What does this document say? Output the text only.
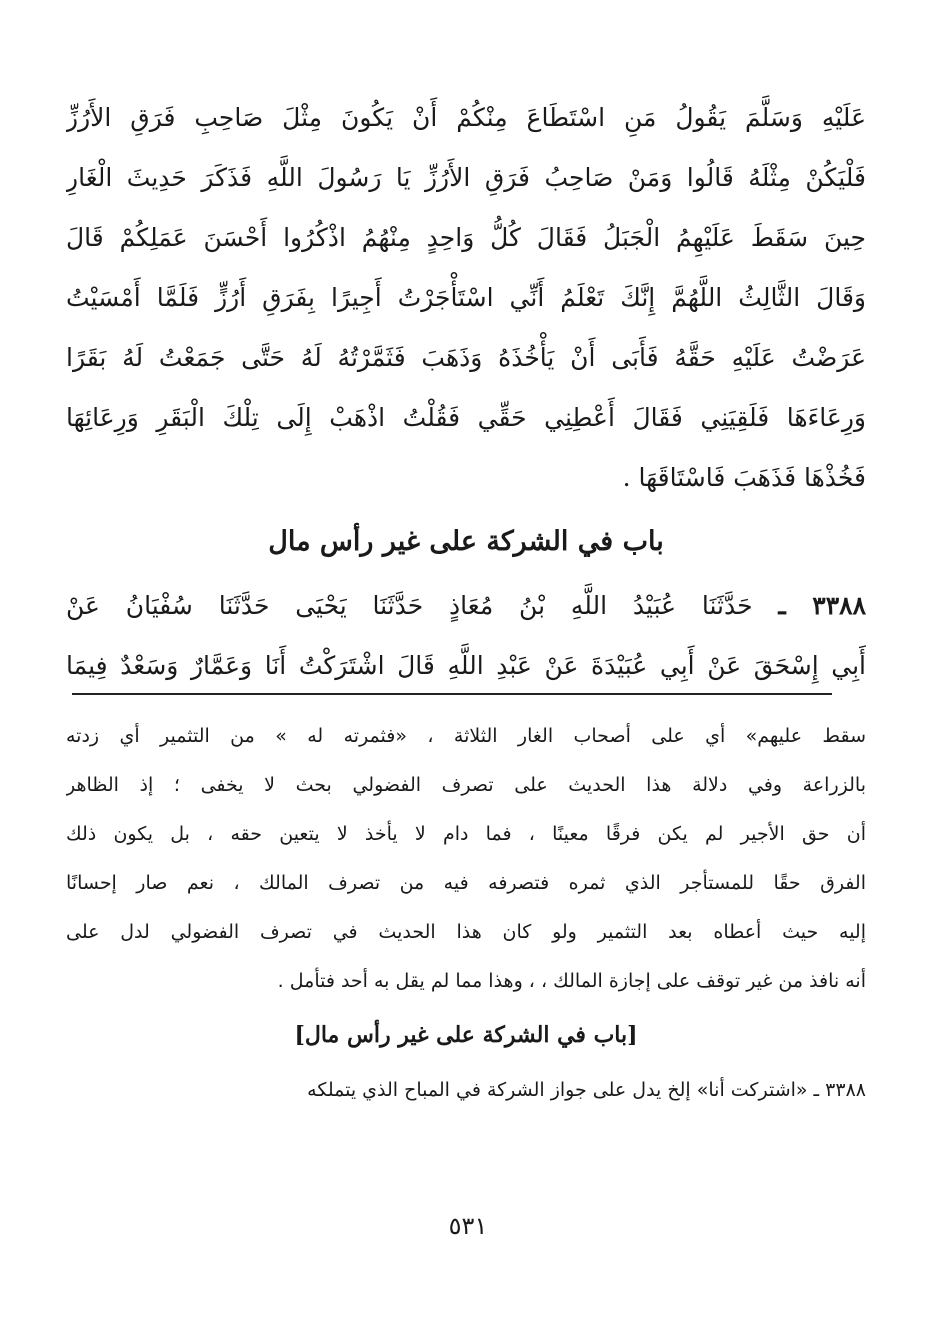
عَلَيْهِ وَسَلَّمَ يَقُولُ مَنِ اسْتَطَاعَ مِنْكُمْ أَنْ يَكُونَ مِثْلَ صَاحِبِ فَرَقِ الأَرُزِّ
فَلْيَكُنْ مِثْلَهُ قَالُوا وَمَنْ صَاحِبُ فَرَقِ الأَرُزِّ يَا رَسُولَ اللَّهِ فَذَكَرَ حَدِيثَ الْغَارِ
حِينَ سَقَطَ عَلَيْهِمُ الْجَبَلُ فَقَالَ كُلُّ وَاحِدٍ مِنْهُمُ اذْكُرُوا أَحْسَنَ عَمَلِكُمْ قَالَ
وَقَالَ الثَّالِثُ اللَّهُمَّ إِنَّكَ تَعْلَمُ أَنِّي اسْتَأْجَرْتُ أَجِيرًا بِفَرَقِ أَرُزٍّ فَلَمَّا أَمْسَيْتُ
عَرَضْتُ عَلَيْهِ حَقَّهُ فَأَبَى أَنْ يَأْخُذَهُ وَذَهَبَ فَثَمَّرْتُهُ لَهُ حَتَّى جَمَعْتُ لَهُ بَقَرًا
وَرِعَاءَهَا فَلَقِيَنِي فَقَالَ أَعْطِنِي حَقِّي فَقُلْتُ اذْهَبْ إِلَى تِلْكَ الْبَقَرِ وَرِعَائِهَا
فَخُذْهَا فَذَهَبَ فَاسْتَاقَهَا .
باب في الشركة على غير رأس مال
٣٣٨٨ ـ حَدَّثَنَا عُبَيْدُ اللَّهِ بْنُ مُعَاذٍ حَدَّثَنَا يَحْيَى حَدَّثَنَا سُفْيَانُ عَنْ
أَبِي إِسْحَقَ عَنْ أَبِي عُبَيْدَةَ عَنْ عَبْدِ اللَّهِ قَالَ اشْتَرَكْتُ أَنَا وَعَمَّارٌ وَسَعْدٌ فِيمَا
سقط عليهم» أي على أصحاب الغار الثلاثة ، «فثمرته له » من التثمير أي زدته
بالزراعة وفي دلالة هذا الحديث على تصرف الفضولي بحث لا يخفى ؛ إذ الظاهر
أن حق الأجير لم يكن فرقًا معينًا ، فما دام لا يأخذ لا يتعين حقه ، بل يكون ذلك
الفرق حقًا للمستأجر الذي ثمره فتصرفه فيه من تصرف المالك ، نعم صار إحسانًا
إليه حيث أعطاه بعد التثمير ولو كان هذا الحديث في تصرف الفضولي لدل على
أنه نافذ من غير توقف على إجازة المالك ، ، وهذا مما لم يقل به أحد فتأمل .
[باب في الشركة على غير رأس مال]
٣٣٨٨ ـ «اشتركت أنا» إلخ يدل على جواز الشركة في المباح الذي يتملكه
٥٣١
